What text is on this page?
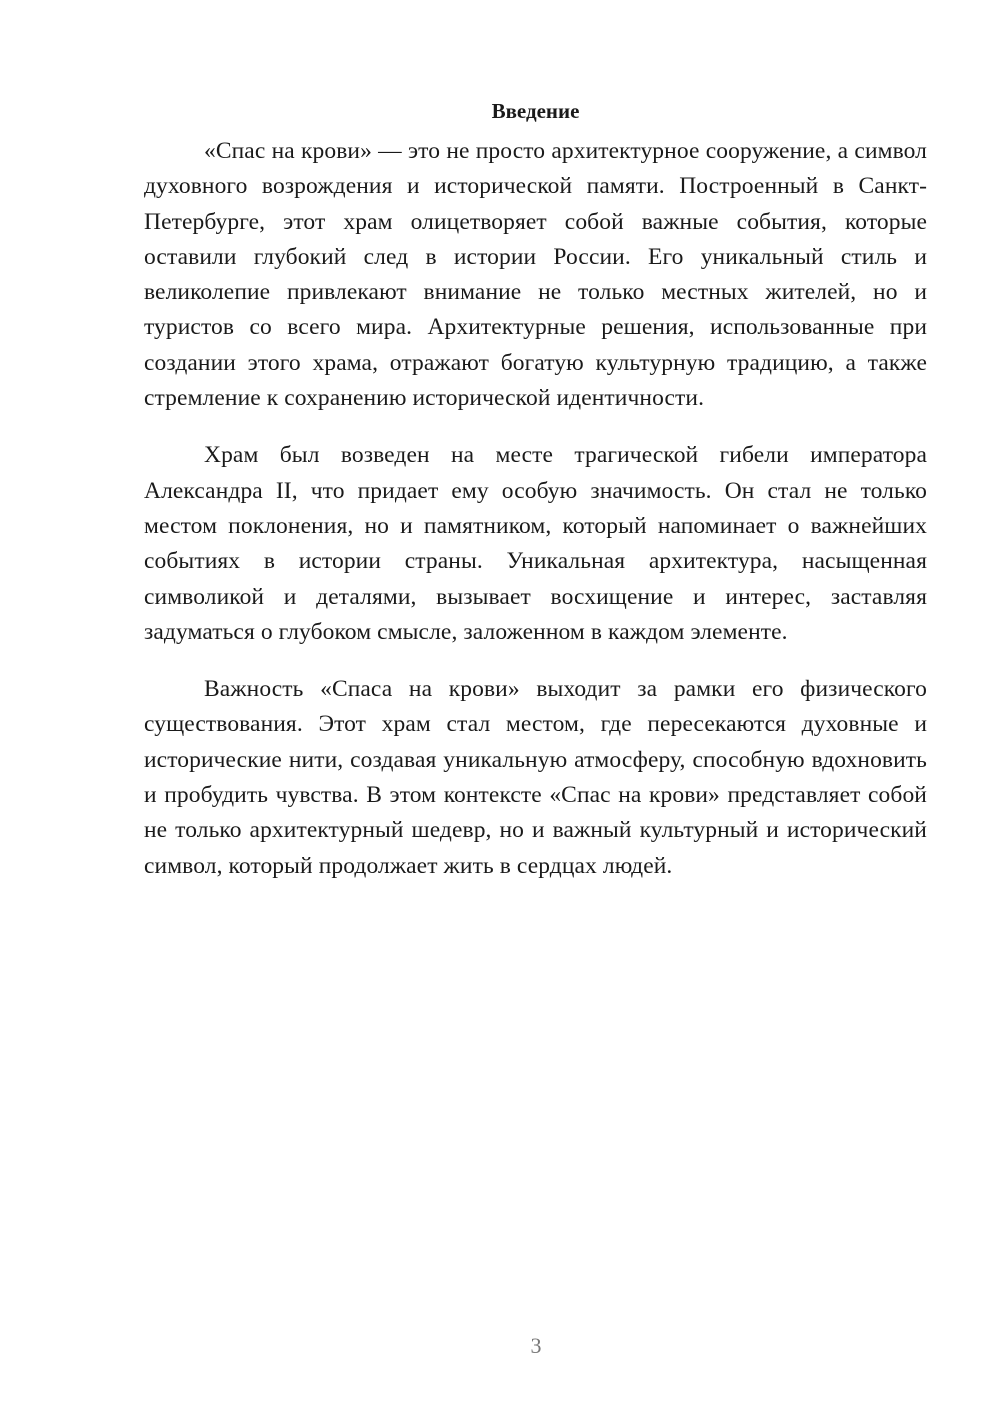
Введение

«Спас на крови» — это не просто архитектурное сооружение, а символ духовного возрождения и исторической памяти. Построенный в Санкт-Петербурге, этот храм олицетворяет собой важные события, которые оставили глубокий след в истории России. Его уникальный стиль и великолепие привлекают внимание не только местных жителей, но и туристов со всего мира. Архитектурные решения, использованные при создании этого храма, отражают богатую культурную традицию, а также стремление к сохранению исторической идентичности.

Храм был возведен на месте трагической гибели императора Александра II, что придает ему особую значимость. Он стал не только местом поклонения, но и памятником, который напоминает о важнейших событиях в истории страны. Уникальная архитектура, насыщенная символикой и деталями, вызывает восхищение и интерес, заставляя задуматься о глубоком смысле, заложенном в каждом элементе.

Важность «Спаса на крови» выходит за рамки его физического существования. Этот храм стал местом, где пересекаются духовные и исторические нити, создавая уникальную атмосферу, способную вдохновить и пробудить чувства. В этом контексте «Спас на крови» представляет собой не только архитектурный шедевр, но и важный культурный и исторический символ, который продолжает жить в сердцах людей.

3
